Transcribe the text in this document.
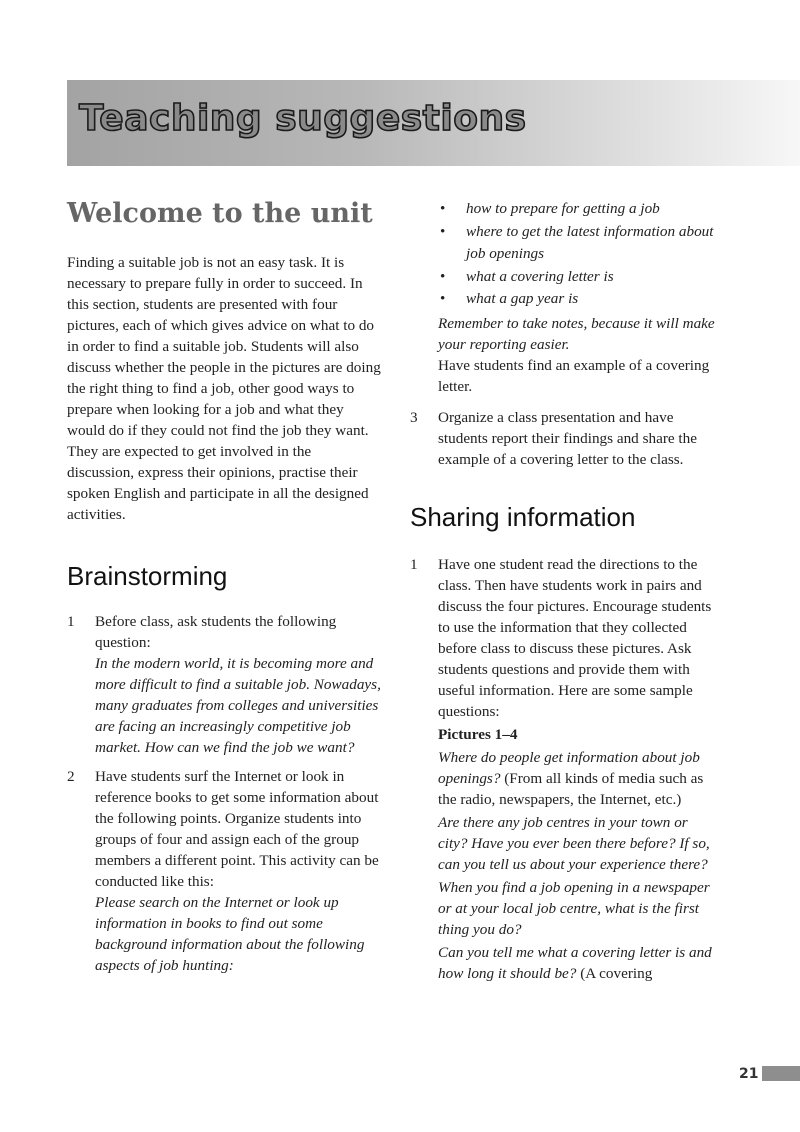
Teaching suggestions
Welcome to the unit

Finding a suitable job is not an easy task. It is necessary to prepare fully in order to succeed. In this section, students are presented with four pictures, each of which gives advice on what to do in order to find a suitable job. Students will also discuss whether the people in the pictures are doing the right thing to find a job, other good ways to prepare when looking for a job and what they would do if they could not find the job they want. They are expected to get involved in the discussion, express their opinions, practise their spoken English and participate in all the designed activities.

Brainstorming
1 Before class, ask students the following question:

In the modern world, it is becoming more and more difficult to find a suitable job. Nowadays, many graduates from colleges and universities are facing an increasingly competitive job market. How can we find the job we want?

2 Have students surf the Internet or look in reference books to get some information about the following points. Organize students into groups of four and assign each of the group members a different point. This activity can be conducted like this:

Please search on the Internet or look up information in books to find out some background information about the following aspects of job hunting:

• how to prepare for getting a job
• where to get the latest information about job openings
• what a covering letter is
• what a gap year is

Remember to take notes, because it will make your reporting easier.

Have students find an example of a covering letter.

3 Organize a class presentation and have students report their findings and share the example of a covering letter to the class.

Sharing information
1 Have one student read the directions to the class. Then have students work in pairs and discuss the four pictures. Encourage students to use the information that they collected before class to discuss these pictures. Ask students questions and provide them with useful information. Here are some sample questions:

Pictures 1–4

Where do people get information about job openings? (From all kinds of media such as the radio, newspapers, the Internet, etc.)

Are there any job centres in your town or city? Have you ever been there before? If so, can you tell us about your experience there?

When you find a job opening in a newspaper or at your local job centre, what is the first thing you do?

Can you tell me what a covering letter is and how long it should be? (A covering

21
